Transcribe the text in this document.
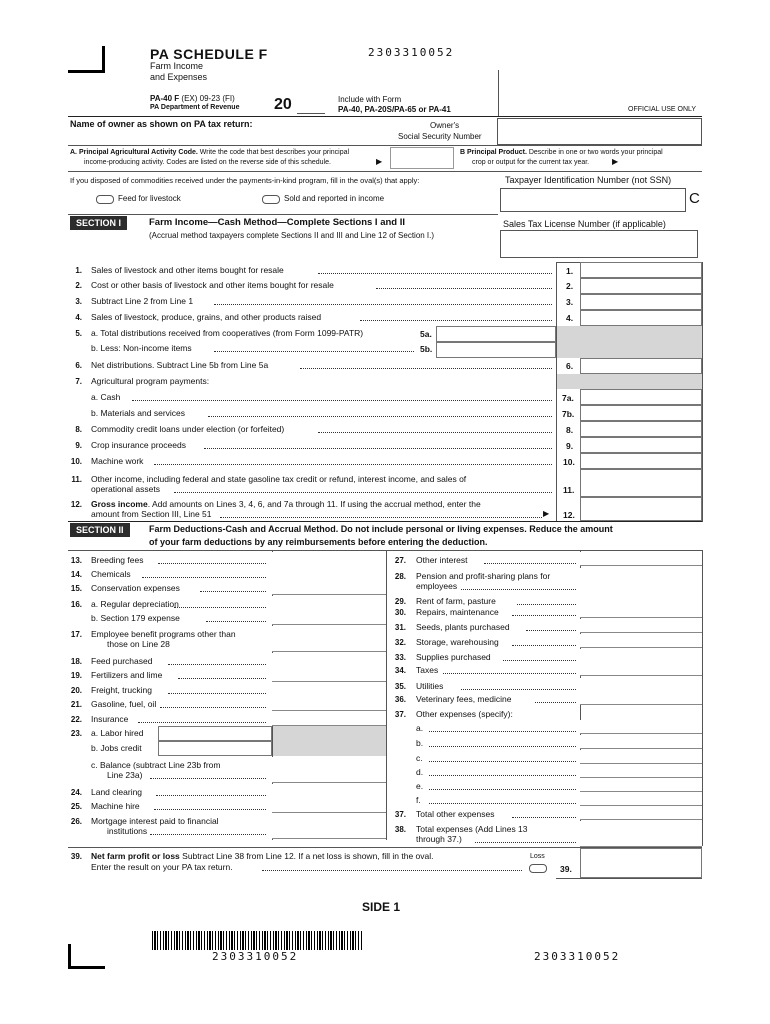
PA SCHEDULE F
Farm Income
and Expenses
2303310052
PA-40 F (EX) 09-23 (FI)
PA Department of Revenue 20	Include with Form
PA-40, PA-20S/PA-65 or PA-41	OFFICIAL USE ONLY
Name of owner as shown on PA tax return:	Owner's
Social Security Number
A. Principal Agricultural Activity Code. Write the code that best describes your principal
income-producing activity. Codes are listed on the reverse side of this schedule.	▶
B Principal Product. Describe in one or two words your principal
crop or output for the current tax year.	▶
If you disposed of commodities received under the payments-in-kind program, fill in the oval(s) that apply:
Feed for livestock	Sold and reported in income
Taxpayer Identification Number (not SSN)
C
SECTION I	Farm Income—Cash Method—Complete Sections I and II
(Accrual method taxpayers complete Sections II and III and Line 12 of Section I.)
Sales Tax License Number (if applicable)
1. Sales of livestock and other items bought for resale	1.
2. Cost or other basis of livestock and other items bought for resale	2.
3. Subtract Line 2 from Line 1	3.
4. Sales of livestock, produce, grains, and other products raised	4.
5. a. Total distributions received from cooperatives (from Form 1099-PATR)	5a.
b. Less: Non-income items	5b.
6. Net distributions. Subtract Line 5b from Line 5a	6.
7. Agricultural program payments:
a. Cash	7a.
b. Materials and services	7b.
8. Commodity credit loans under election (or forfeited)	8.
9. Crop insurance proceeds	9.
10. Machine work	10.
11. Other income, including federal and state gasoline tax credit or refund, interest income, and sales of
operational assets	11.
12. Gross income. Add amounts on Lines 3, 4, 6, and 7a through 11. If using the accrual method, enter the
amount from Section III, Line 51	▶ 12.
SECTION II	Farm Deductions-Cash and Accrual Method. Do not include personal or living expenses. Reduce the amount
of your farm deductions by any reimbursements before entering the deduction.
13. Breeding fees
14. Chemicals
15. Conservation expenses
16. a. Regular depreciation
b. Section 179 expense
17. Employee benefit programs other than
those on Line 28
18. Feed purchased
19. Fertilizers and lime
20. Freight, trucking
21. Gasoline, fuel, oil
22. Insurance
23. a. Labor hired
b. Jobs credit
c. Balance (subtract Line 23b from
Line 23a)
24. Land clearing
25. Machine hire
26. Mortgage interest paid to financial
institutions
27. Other interest
28. Pension and profit-sharing plans for
employees
29. Rent of farm, pasture
30. Repairs, maintenance
31. Seeds, plants purchased
32. Storage, warehousing
33. Supplies purchased
34. Taxes
35. Utilities
36. Veterinary fees, medicine
37. Other expenses (specify):
a.
b.
c.
d.
e.
f.
37. Total other expenses
38. Total expenses (Add Lines 13
through 37.)
39. Net farm profit or loss Subtract Line 38 from Line 12. If a net loss is shown, fill in the oval.
Enter the result on your PA tax return.
Loss
39.
SIDE 1
2303310052	2303310052
